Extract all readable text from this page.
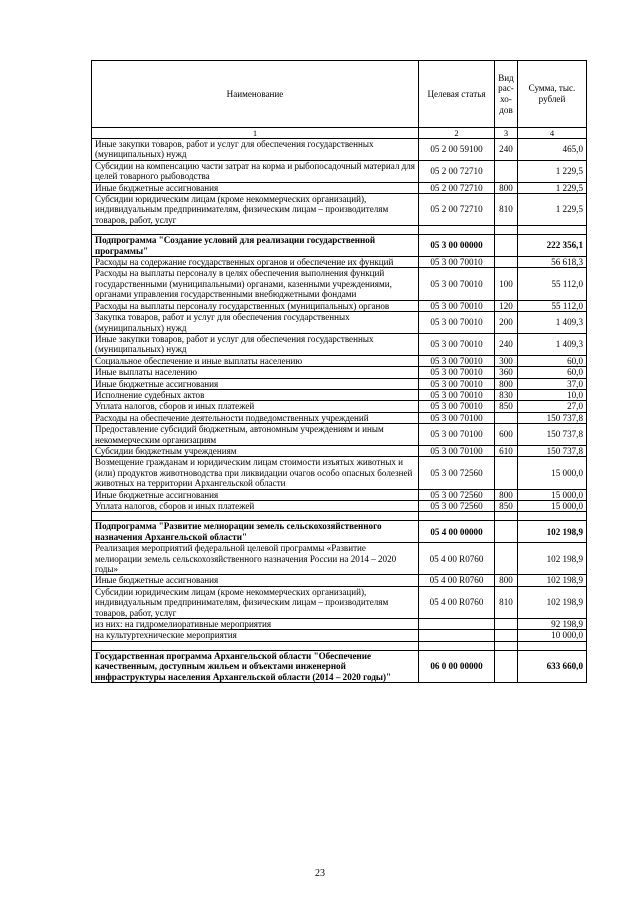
Наименование	Целевая статья	Вид рас-хо-дов	Сумма, тыс. рублей
1	2	3	4
Иные закупки товаров, работ и услуг для обеспечения государственных (муниципальных) нужд	05 2 00 59100	240	465,0
Субсидии на компенсацию части затрат на корма и рыбопосадочный материал для целей товарного рыбоводства	05 2 00 72710		1 229,5
Иные бюджетные ассигнования	05 2 00 72710	800	1 229,5
Субсидии юридическим лицам (кроме некоммерческих организаций), индивидуальным предпринимателям, физическим лицам – производителям товаров, работ, услуг	05 2 00 72710	810	1 229,5

Подпрограмма "Создание условий для реализации государственной программы"	05 3 00 00000		222 356,1
Расходы на содержание государственных органов и обеспечение их функций	05 3 00 70010		56 618,3
Расходы на выплаты персоналу в целях обеспечения выполнения функций государственными (муниципальными) органами, казенными учреждениями, органами управления государственными внебюджетными фондами	05 3 00 70010	100	55 112,0
Расходы на выплаты персоналу государственных (муниципальных) органов	05 3 00 70010	120	55 112,0
Закупка товаров, работ и услуг для обеспечения государственных (муниципальных) нужд	05 3 00 70010	200	1 409,3
Иные закупки товаров, работ и услуг для обеспечения государственных (муниципальных) нужд	05 3 00 70010	240	1 409,3
Социальное обеспечение и иные выплаты населению	05 3 00 70010	300	60,0
Иные выплаты населению	05 3 00 70010	360	60,0
Иные бюджетные ассигнования	05 3 00 70010	800	37,0
Исполнение судебных актов	05 3 00 70010	830	10,0
Уплата налогов, сборов и иных платежей	05 3 00 70010	850	27,0
Расходы на обеспечение деятельности подведомственных учреждений	05 3 00 70100		150 737,8
Предоставление субсидий бюджетным, автономным учреждениям и иным некоммерческим организациям	05 3 00 70100	600	150 737,8
Субсидии бюджетным учреждениям	05 3 00 70100	610	150 737,8
Возмещение гражданам и юридическим лицам стоимости изъятых животных и (или) продуктов животноводства при ликвидации очагов особо опасных болезней животных на территории Архангельской области	05 3 00 72560		15 000,0
Иные бюджетные ассигнования	05 3 00 72560	800	15 000,0
Уплата налогов, сборов и иных платежей	05 3 00 72560	850	15 000,0

Подпрограмма "Развитие мелиорации земель сельскохозяйственного назначения Архангельской области"	05 4 00 00000		102 198,9
Реализация мероприятий федеральной целевой программы «Развитие мелиорации земель сельскохозяйственного назначения России на 2014 – 2020 годы»	05 4 00 R0760		102 198,9
Иные бюджетные ассигнования	05 4 00 R0760	800	102 198,9
Субсидии юридическим лицам (кроме некоммерческих организаций), индивидуальным предпринимателям, физическим лицам – производителям товаров, работ, услуг	05 4 00 R0760	810	102 198,9
из них: на гидромелиоративные мероприятия			92 198,9
на культуртехнические мероприятия			10 000,0

Государственная программа Архангельской области "Обеспечение качественным, доступным жильем и объектами инженерной инфраструктуры населения Архангельской области (2014 – 2020 годы)"	06 0 00 00000		633 660,0
23
